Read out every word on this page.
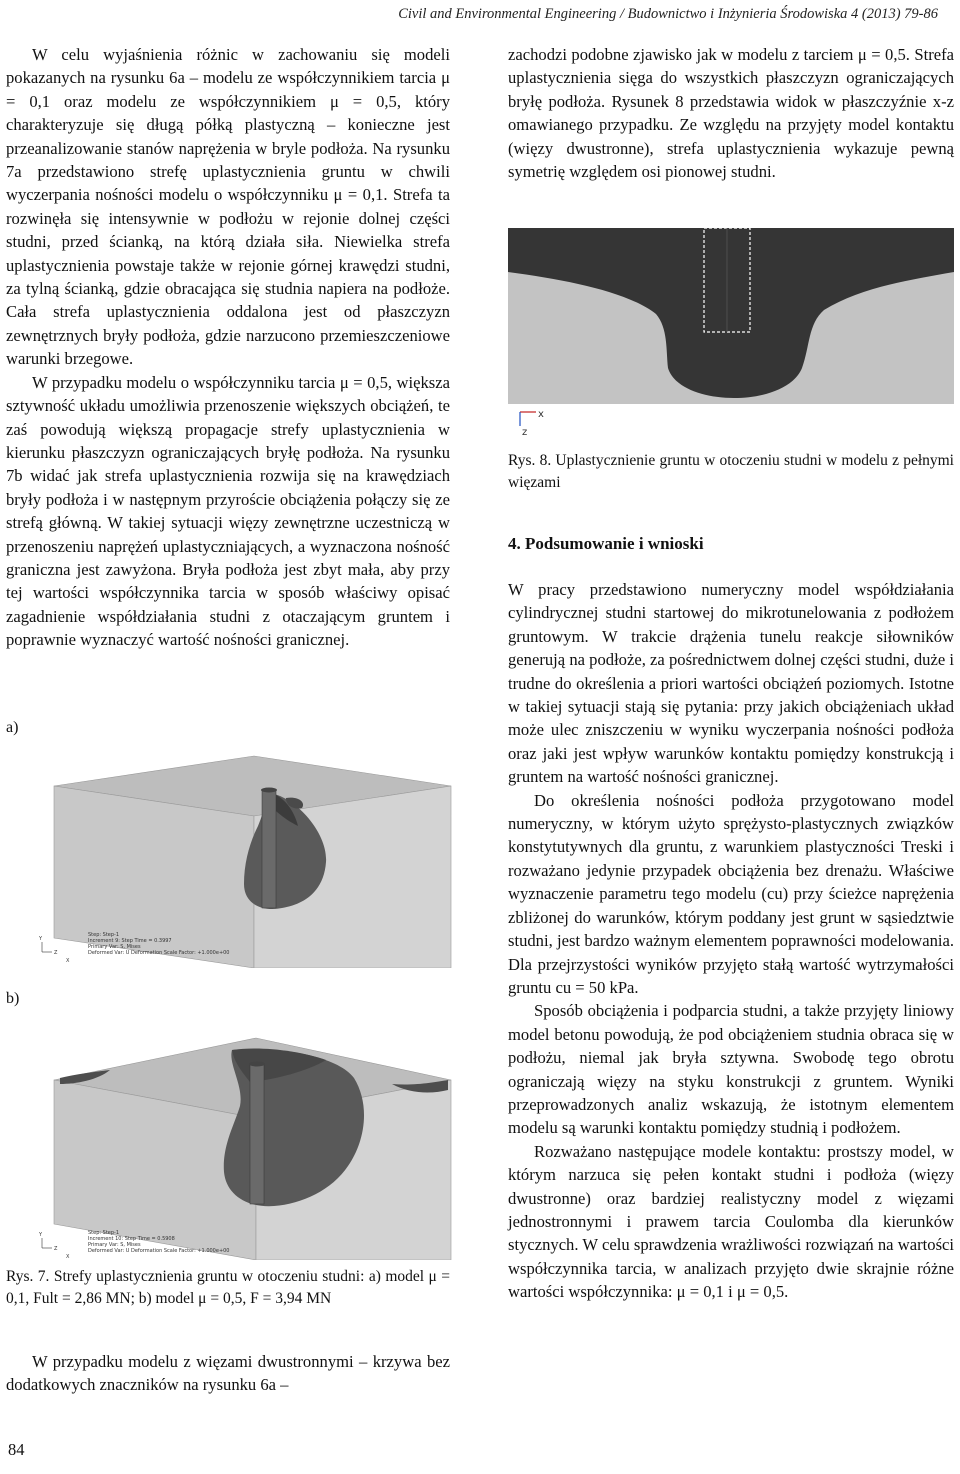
Civil and Environmental Engineering / Budownictwo i Inżynieria Środowiska 4 (2013) 79-86

W celu wyjaśnienia różnic w zachowaniu się modeli pokazanych na rysunku 6a – modelu ze współczynnikiem tarcia μ = 0,1 oraz modelu ze współczynnikiem μ = 0,5, który charakteryzuje się długą półką plastyczną – konieczne jest przeanalizowanie stanów naprężenia w bryle podłoża. Na rysunku 7a przedstawiono strefę uplastycznienia gruntu w chwili wyczerpania nośności modelu o współczynniku μ = 0,1. Strefa ta rozwinęła się intensywnie w podłożu w rejonie dolnej części studni, przed ścianką, na którą działa siła. Niewielka strefa uplastycznienia powstaje także w rejonie górnej krawędzi studni, za tylną ścianką, gdzie obracająca się studnia napiera na podłoże. Cała strefa uplastycznienia oddalona jest od płaszczyzn zewnętrznych bryły podłoża, gdzie narzucono przemieszczeniowe warunki brzegowe.

W przypadku modelu o współczynniku tarcia μ = 0,5, większa sztywność układu umożliwia przenoszenie większych obciążeń, te zaś powodują większą propagacje strefy uplastycznienia w kierunku płaszczyzn ograniczających bryłę podłoża. Na rysunku 7b widać jak strefa uplastycznienia rozwija się na krawędziach bryły podłoża i w następnym przyroście obciążenia połączy się ze strefą główną. W takiej sytuacji więzy zewnętrzne uczestniczą w przenoszeniu naprężeń uplastyczniających, a wyznaczona nośność graniczna jest zawyżona. Bryła podłoża jest zbyt mała, aby przy tej wartości współczynnika tarcia w sposób właściwy opisać zagadnienie współdziałania studni z otaczającym gruntem i poprawnie wyznaczyć wartość nośności granicznej.

a)
b)
Step: Step-1
Increment 9: Step Time = 0.3997
Primary Var: S, Mises
Deformed Var: U Deformation Scale Factor: +1.000e+00
Y
Z
X
Step: Step-1
Increment 10: Step Time = 0.5908
Primary Var: S, Mises
Deformed Var: U Deformation Scale Factor: +1.000e+00
Y
Z
X
Rys. 7. Strefy uplastycznienia gruntu w otoczeniu studni: a) model μ = 0,1, Fult = 2,86 MN; b) model μ = 0,5, F = 3,94 MN

W przypadku modelu z więzami dwustronnymi – krzywa bez dodatkowych znaczników na rysunku 6a –

zachodzi podobne zjawisko jak w modelu z tarciem μ = 0,5. Strefa uplastycznienia sięga do wszystkich płaszczyzn ograniczających bryłę podłoża. Rysunek 8 przedstawia widok w płaszczyźnie x-z omawianego przypadku. Ze względu na przyjęty model kontaktu (więzy dwustronne), strefa uplastycznienia wykazuje pewną symetrię względem osi pionowej studni.

x
z
Rys. 8. Uplastycznienie gruntu w otoczeniu studni w modelu z pełnymi więzami
4. Podsumowanie i wnioski

W pracy przedstawiono numeryczny model współdziałania cylindrycznej studni startowej do mikrotunelowania z podłożem gruntowym. W trakcie drążenia tunelu reakcje siłowników generują na podłoże, za pośrednictwem dolnej części studni, duże i trudne do określenia a priori wartości obciążeń poziomych. Istotne w takiej sytuacji stają się pytania: przy jakich obciążeniach układ może ulec zniszczeniu w wyniku wyczerpania nośności podłoża oraz jaki jest wpływ warunków kontaktu pomiędzy konstrukcją i gruntem na wartość nośności granicznej.

Do określenia nośności podłoża przygotowano model numeryczny, w którym użyto sprężysto-plastycznych związków konstytutywnych dla gruntu, z warunkiem plastyczności Treski i rozważano jedynie przypadek obciążenia bez drenażu. Właściwe wyznaczenie parametru tego modelu (cu) przy ścieżce naprężenia zbliżonej do warunków, którym poddany jest grunt w sąsiedztwie studni, jest bardzo ważnym elementem poprawności modelowania. Dla przejrzystości wyników przyjęto stałą wartość wytrzymałości gruntu cu = 50 kPa.

Sposób obciążenia i podparcia studni, a także przyjęty liniowy model betonu powodują, że pod obciążeniem studnia obraca się w podłożu, niemal jak bryła sztywna. Swobodę tego obrotu ograniczają więzy na styku konstrukcji z gruntem. Wyniki przeprowadzonych analiz wskazują, że istotnym elementem modelu są warunki kontaktu pomiędzy studnią i podłożem.

Rozważano następujące modele kontaktu: prostszy model, w którym narzuca się pełen kontakt studni i podłoża (więzy dwustronne) oraz bardziej realistyczny model z więzami jednostronnymi i prawem tarcia Coulomba dla kierunków stycznych. W celu sprawdzenia wrażliwości rozwiązań na wartości współczynnika tarcia, w analizach przyjęto dwie skrajnie różne wartości współczynnika: μ = 0,1 i μ = 0,5.

84
